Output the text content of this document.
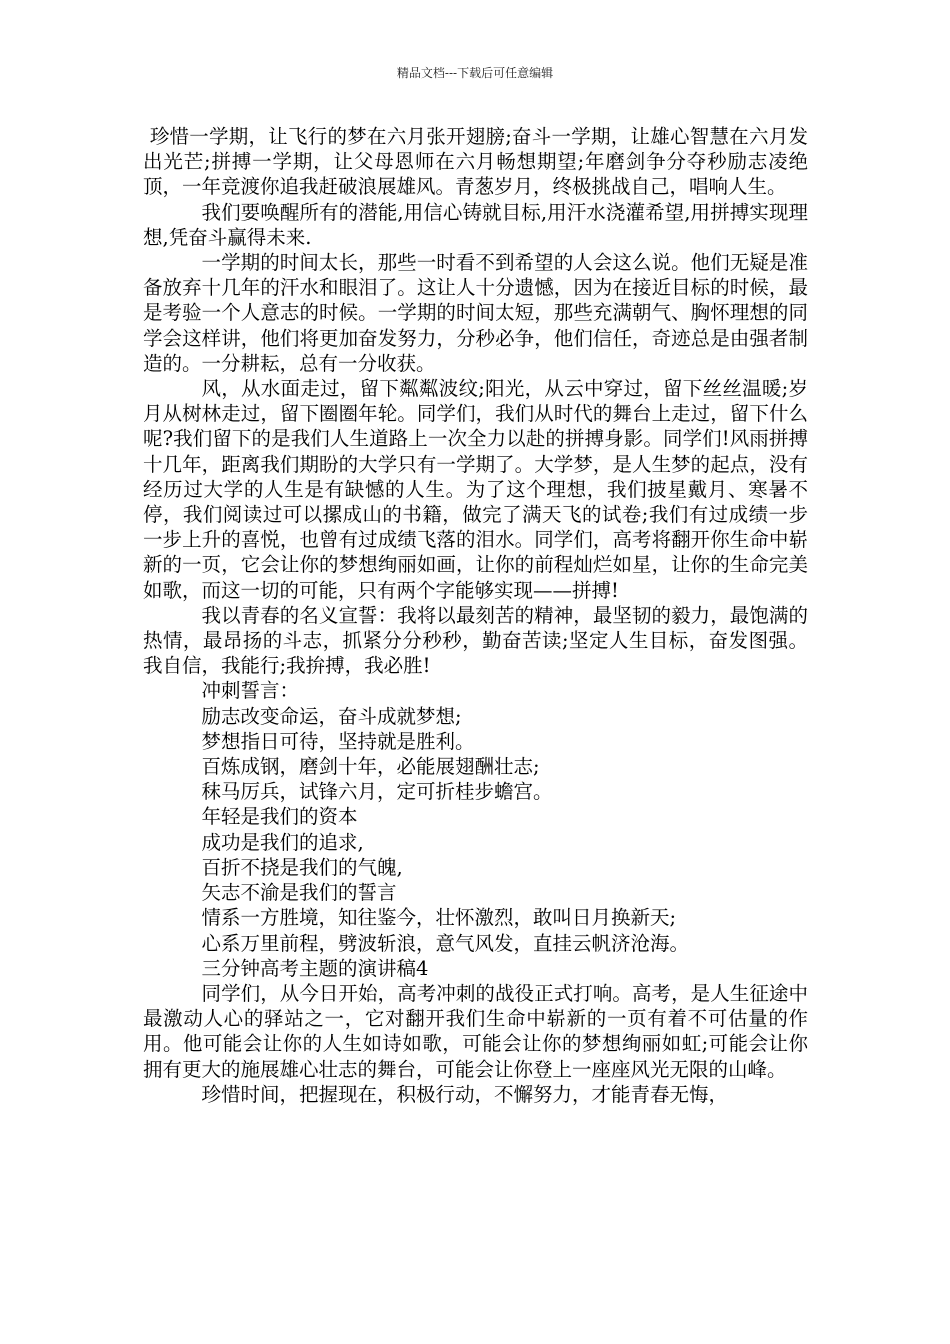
精品文档---下载后可任意编辑

珍惜一学期，让飞行的梦在六月张开翅膀;奋斗一学期，让雄心智慧在六月发出光芒;拼搏一学期，让父母恩师在六月畅想期望;年磨剑争分夺秒励志凌绝顶，一年竞渡你追我赶破浪展雄风。青葱岁月，终极挑战自己，唱响人生。

我们要唤醒所有的潜能,用信心铸就目标,用汗水浇灌希望,用拼搏实现理想,凭奋斗赢得未来.

一学期的时间太长，那些一时看不到希望的人会这么说。他们无疑是准备放弃十几年的汗水和眼泪了。这让人十分遗憾，因为在接近目标的时候，最是考验一个人意志的时候。一学期的时间太短，那些充满朝气、胸怀理想的同学会这样讲，他们将更加奋发努力，分秒必争，他们信任，奇迹总是由强者制造的。一分耕耘，总有一分收获。

风，从水面走过，留下粼粼波纹;阳光，从云中穿过，留下丝丝温暖;岁月从树林走过，留下圈圈年轮。同学们，我们从时代的舞台上走过，留下什么呢?我们留下的是我们人生道路上一次全力以赴的拼搏身影。同学们!风雨拼搏十几年，距离我们期盼的大学只有一学期了。大学梦，是人生梦的起点，没有经历过大学的人生是有缺憾的人生。为了这个理想，我们披星戴月、寒暑不停，我们阅读过可以摞成山的书籍，做完了满天飞的试卷;我们有过成绩一步一步上升的喜悦，也曾有过成绩飞落的泪水。同学们，高考将翻开你生命中崭新的一页，它会让你的梦想绚丽如画，让你的前程灿烂如星，让你的生命完美如歌，而这一切的可能，只有两个字能够实现——拼搏!

我以青春的名义宣誓：我将以最刻苦的精神，最坚韧的毅力，最饱满的热情，最昂扬的斗志，抓紧分分秒秒，勤奋苦读;坚定人生目标，奋发图强。我自信，我能行;我拚搏，我必胜!

冲刺誓言：

励志改变命运，奋斗成就梦想;

梦想指日可待，坚持就是胜利。

百炼成钢，磨剑十年，必能展翅酬壮志;

秣马厉兵，试锋六月，定可折桂步蟾宫。

年轻是我们的资本

成功是我们的追求,

百折不挠是我们的气魄,

矢志不渝是我们的誓言

情系一方胜境，知往鉴今，壮怀激烈，敢叫日月换新天;

心系万里前程，劈波斩浪，意气风发，直挂云帆济沧海。

三分钟高考主题的演讲稿4

同学们，从今日开始，高考冲刺的战役正式打响。高考，是人生征途中最激动人心的驿站之一，它对翻开我们生命中崭新的一页有着不可估量的作用。他可能会让你的人生如诗如歌，可能会让你的梦想绚丽如虹;可能会让你拥有更大的施展雄心壮志的舞台，可能会让你登上一座座风光无限的山峰。

珍惜时间，把握现在，积极行动，不懈努力，才能青春无悔，
